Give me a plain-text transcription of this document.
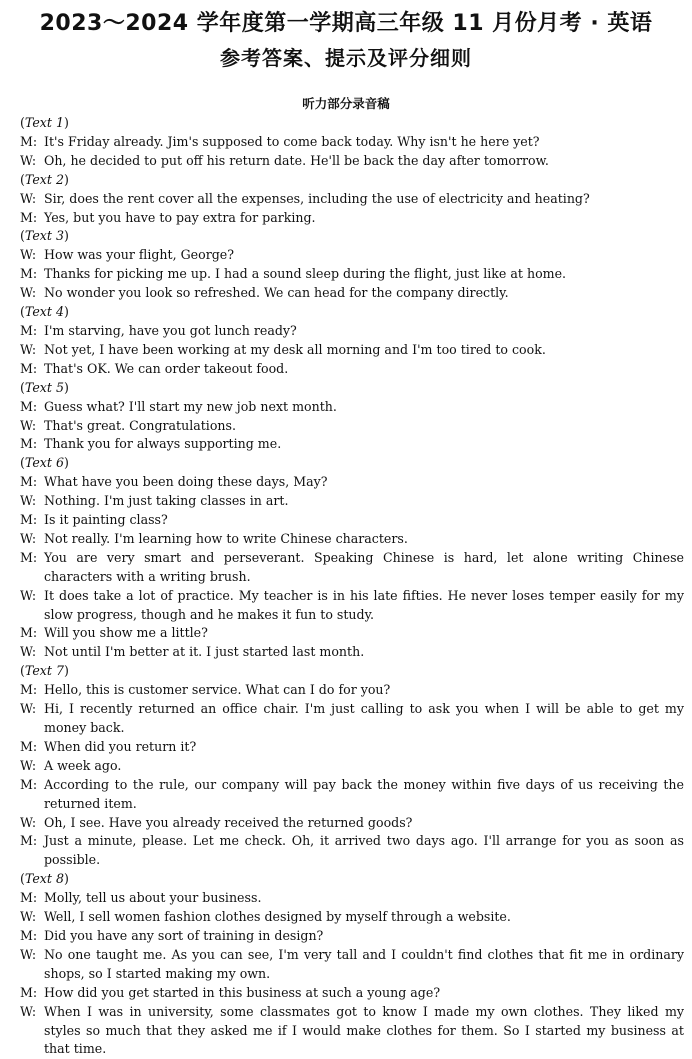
2023～2024 学年度第一学期高三年级 11 月份月考 · 英语
参考答案、提示及评分细则
听力部分录音稿
(Text 1)
M: It's Friday already. Jim's supposed to come back today. Why isn't he here yet?
W: Oh, he decided to put off his return date. He'll be back the day after tomorrow.
(Text 2)
W: Sir, does the rent cover all the expenses, including the use of electricity and heating?
M: Yes, but you have to pay extra for parking.
(Text 3)
W: How was your flight, George?
M: Thanks for picking me up. I had a sound sleep during the flight, just like at home.
W: No wonder you look so refreshed. We can head for the company directly.
(Text 4)
M: I'm starving, have you got lunch ready?
W: Not yet, I have been working at my desk all morning and I'm too tired to cook.
M: That's OK. We can order takeout food.
(Text 5)
M: Guess what? I'll start my new job next month.
W: That's great. Congratulations.
M: Thank you for always supporting me.
(Text 6)
M: What have you been doing these days, May?
W: Nothing. I'm just taking classes in art.
M: Is it painting class?
W: Not really. I'm learning how to write Chinese characters.
M: You are very smart and perseverant. Speaking Chinese is hard, let alone writing Chinese characters with a writing brush.
W: It does take a lot of practice. My teacher is in his late fifties. He never loses temper easily for my slow progress, though and he makes it fun to study.
M: Will you show me a little?
W: Not until I'm better at it. I just started last month.
(Text 7)
M: Hello, this is customer service. What can I do for you?
W: Hi, I recently returned an office chair. I'm just calling to ask you when I will be able to get my money back.
M: When did you return it?
W: A week ago.
M: According to the rule, our company will pay back the money within five days of us receiving the returned item.
W: Oh, I see. Have you already received the returned goods?
M: Just a minute, please. Let me check. Oh, it arrived two days ago. I'll arrange for you as soon as possible.
(Text 8)
M: Molly, tell us about your business.
W: Well, I sell women fashion clothes designed by myself through a website.
M: Did you have any sort of training in design?
W: No one taught me. As you can see, I'm very tall and I couldn't find clothes that fit me in ordinary shops, so I started making my own.
M: How did you get started in this business at such a young age?
W: When I was in university, some classmates got to know I made my own clothes. They liked my styles so much that they asked me if I would make clothes for them. So I started my business at that time.
